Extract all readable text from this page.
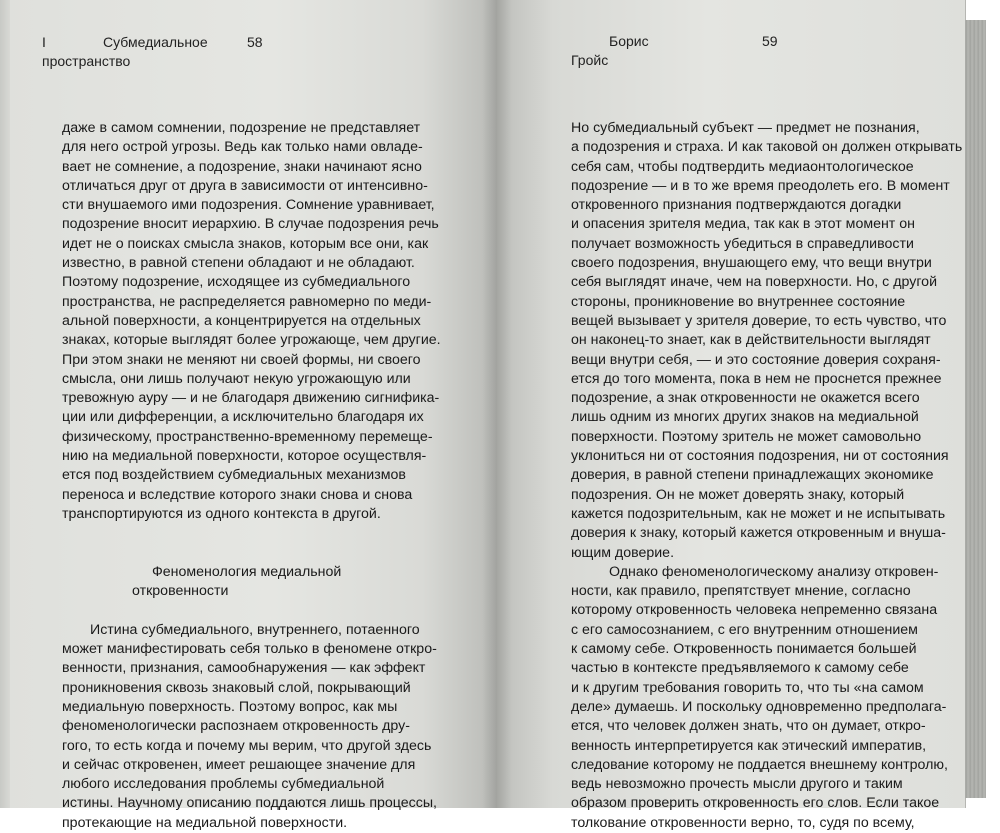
I	Субмедиальное
пространство
58	Борис
Гройс
59
даже в самом сомнении, подозрение не представляет
для него острой угрозы. Ведь как только нами овладе-
вает не сомнение, а подозрение, знаки начинают ясно
отличаться друг от друга в зависимости от интенсивно-
сти внушаемого ими подозрения. Сомнение уравнивает,
подозрение вносит иерархию. В случае подозрения речь
идет не о поисках смысла знаков, которым все они, как
известно, в равной степени обладают и не обладают.
Поэтому подозрение, исходящее из субмедиального
пространства, не распределяется равномерно по меди-
альной поверхности, а концентрируется на отдельных
знаках, которые выглядят более угрожающе, чем другие.
При этом знаки не меняют ни своей формы, ни своего
смысла, они лишь получают некую угрожающую или
тревожную ауру — и не благодаря движению сигнифика-
ции или дифференции, а исключительно благодаря их
физическому, пространственно-временному перемеще-
нию на медиальной поверхности, которое осуществля-
ется под воздействием субмедиальных механизмов
переноса и вследствие которого знаки снова и снова
транспортируются из одного контекста в другой.
Феноменология медиальной
откровенности
Истина субмедиального, внутреннего, потаенного
может манифестировать себя только в феномене откро-
венности, признания, самообнаружения — как эффект
проникновения сквозь знаковый слой, покрывающий
медиальную поверхность. Поэтому вопрос, как мы
феноменологически распознаем откровенность дру-
гого, то есть когда и почему мы верим, что другой здесь
и сейчас откровенен, имеет решающее значение для
любого исследования проблемы субмедиальной
истины. Научному описанию поддаются лишь процессы,
протекающие на медиальной поверхности.
Но субмедиальный субъект — предмет не познания,
а подозрения и страха. И как таковой он должен открывать
себя сам, чтобы подтвердить медиаонтологическое
подозрение — и в то же время преодолеть его. В момент
откровенного признания подтверждаются догадки
и опасения зрителя медиа, так как в этот момент он
получает возможность убедиться в справедливости
своего подозрения, внушающего ему, что вещи внутри
себя выглядят иначе, чем на поверхности. Но, с другой
стороны, проникновение во внутреннее состояние
вещей вызывает у зрителя доверие, то есть чувство, что
он наконец-то знает, как в действительности выглядят
вещи внутри себя, — и это состояние доверия сохраня-
ется до того момента, пока в нем не проснется прежнее
подозрение, а знак откровенности не окажется всего
лишь одним из многих других знаков на медиальной
поверхности. Поэтому зритель не может самовольно
уклониться ни от состояния подозрения, ни от состояния
доверия, в равной степени принадлежащих экономике
подозрения. Он не может доверять знаку, который
кажется подозрительным, как не может и не испытывать
доверия к знаку, который кажется откровенным и внуша-
ющим доверие.
Однако феноменологическому анализу откровен-
ности, как правило, препятствует мнение, согласно
которому откровенность человека непременно связана
с его самосознанием, с его внутренним отношением
к самому себе. Откровенность понимается большей
частью в контексте предъявляемого к самому себе
и к другим требования говорить то, что ты «на самом
деле» думаешь. И поскольку одновременно предполага-
ется, что человек должен знать, что он думает, откро-
венность интерпретируется как этический императив,
следование которому не поддается внешнему контролю,
ведь невозможно прочесть мысли другого и таким
образом проверить откровенность его слов. Если такое
толкование откровенности верно, то, судя по всему,
